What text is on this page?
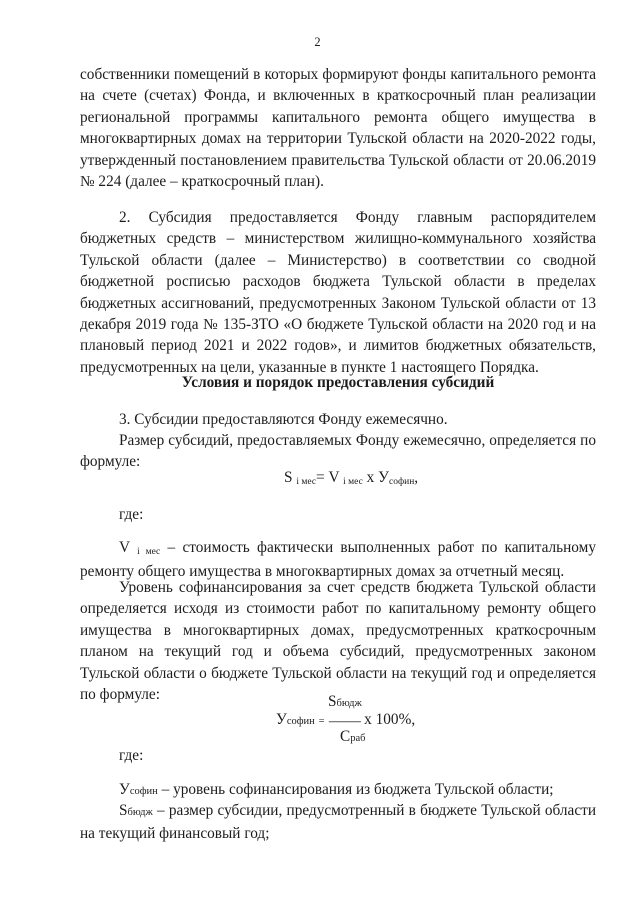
2

собственники помещений в которых формируют фонды капитального ремонта на счете (счетах) Фонда, и включенных в краткосрочный план реализации региональной программы капитального ремонта общего имущества в многоквартирных домах на территории Тульской области на 2020-2022 годы, утвержденный постановлением правительства Тульской области от 20.06.2019 № 224 (далее – краткосрочный план).

2. Субсидия предоставляется Фонду главным распорядителем бюджетных средств – министерством жилищно-коммунального хозяйства Тульской области (далее – Министерство) в соответствии со сводной бюджетной росписью расходов бюджета Тульской области в пределах бюджетных ассигнований, предусмотренных Законом Тульской области от 13 декабря 2019 года № 135-ЗТО «О бюджете Тульской области на 2020 год и на плановый период 2021 и 2022 годов», и лимитов бюджетных обязательств, предусмотренных на цели, указанные в пункте 1 настоящего Порядка.

Условия и порядок предоставления субсидий
3. Субсидии предоставляются Фонду ежемесячно.

Размер субсидий, предоставляемых Фонду ежемесячно, определяется по формуле:

S i мес= V i мес x Усофин,
где:

V i мес – стоимость фактически выполненных работ по капитальному ремонту общего имущества в многоквартирных домах за отчетный месяц.

Уровень софинансирования за счет средств бюджета Тульской области определяется исходя из стоимости работ по капитальному ремонту общего имущества в многоквартирных домах, предусмотренных краткосрочным планом на текущий год и объема субсидий, предусмотренных законом Тульской области о бюджете Тульской области на текущий год и определяется по формуле:	Sбюдж
Усофин = ---------------- x 100%,
Cраб
где:
Усофин – уровень софинансирования из бюджета Тульской области;

Sбюдж – размер субсидии, предусмотренный в бюджете Тульской области на текущий финансовый год;
